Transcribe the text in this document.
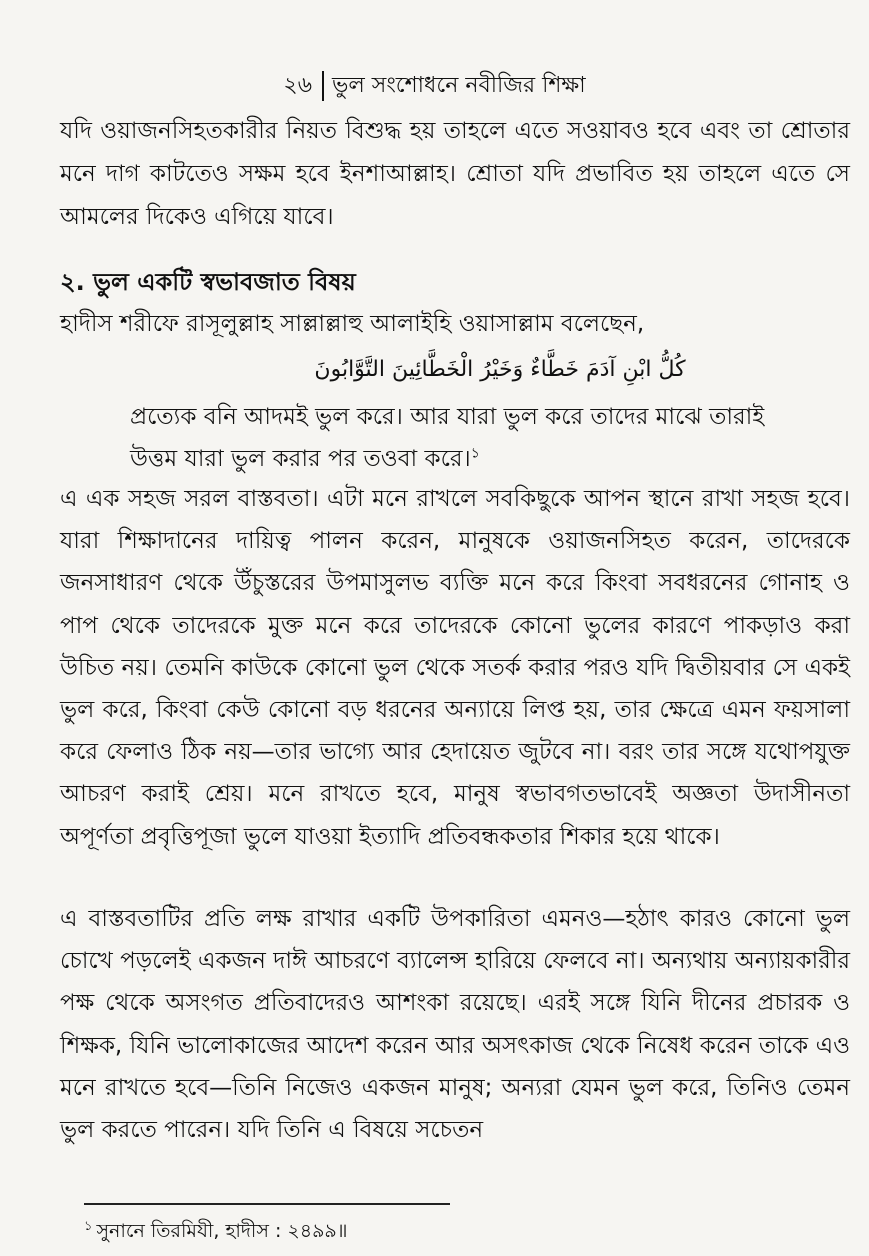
২৬ ভুল সংশোধনে নবীজির শিক্ষা
যদি ওয়াজনসিহতকারীর নিয়ত বিশুদ্ধ হয় তাহলে এতে সওয়াবও হবে এবং তা শ্রোতার মনে দাগ কাটতেও সক্ষম হবে ইনশাআল্লাহ। শ্রোতা যদি প্রভাবিত হয় তাহলে এতে সে আমলের দিকেও এগিয়ে যাবে।
২. ভুল একটি স্বভাবজাত বিষয়
হাদীস শরীফে রাসূলুল্লাহ সাল্লাল্লাহু আলাইহি ওয়াসাল্লাম বলেছেন,
كُلُّ ابْنِ آدَمَ خَطَّاءٌ وَخَيْرُ الْخَطَّائِينَ التَّوَّابُونَ
প্রত্যেক বনি আদমই ভুল করে। আর যারা ভুল করে তাদের মাঝে তারাই উত্তম যারা ভুল করার পর তওবা করে।$^১$
এ এক সহজ সরল বাস্তবতা। এটা মনে রাখলে সবকিছুকে আপন স্থানে রাখা সহজ হবে। যারা শিক্ষাদানের দায়িত্ব পালন করেন, মানুষকে ওয়াজনসিহত করেন, তাদেরকে জনসাধারণ থেকে উঁচুস্তরের উপমাসুলভ ব্যক্তি মনে করে কিংবা সবধরনের গোনাহ ও পাপ থেকে তাদেরকে মুক্ত মনে করে তাদেরকে কোনো ভুলের কারণে পাকড়াও করা উচিত নয়। তেমনি কাউকে কোনো ভুল থেকে সতর্ক করার পরও যদি দ্বিতীয়বার সে একই ভুল করে, কিংবা কেউ কোনো বড় ধরনের অন্যায়ে লিপ্ত হয়, তার ক্ষেত্রে এমন ফয়সালা করে ফেলাও ঠিক নয়—তার ভাগ্যে আর হেদায়েত জুটবে না। বরং তার সঙ্গে যথোপযুক্ত আচরণ করাই শ্রেয়। মনে রাখতে হবে, মানুষ স্বভাবগতভাবেই অজ্ঞতা উদাসীনতা অপূর্ণতা প্রবৃত্তিপূজা ভুলে যাওয়া ইত্যাদি প্রতিবন্ধকতার শিকার হয়ে থাকে।
এ বাস্তবতাটির প্রতি লক্ষ রাখার একটি উপকারিতা এমনও—হঠাৎ কারও কোনো ভুল চোখে পড়লেই একজন দাঈ আচরণে ব্যালেন্স হারিয়ে ফেলবে না। অন্যথায় অন্যায়কারীর পক্ষ থেকে অসংগত প্রতিবাদেরও আশংকা রয়েছে। এরই সঙ্গে যিনি দীনের প্রচারক ও শিক্ষক, যিনি ভালোকাজের আদেশ করেন আর অসৎকাজ থেকে নিষেধ করেন তাকে এও মনে রাখতে হবে—তিনি নিজেও একজন মানুষ; অন্যরা যেমন ভুল করে, তিনিও তেমন ভুল করতে পারেন। যদি তিনি এ বিষয়ে সচেতন
$^১$ সুনানে তিরমিযী, হাদীস : ২৪৯৯॥
